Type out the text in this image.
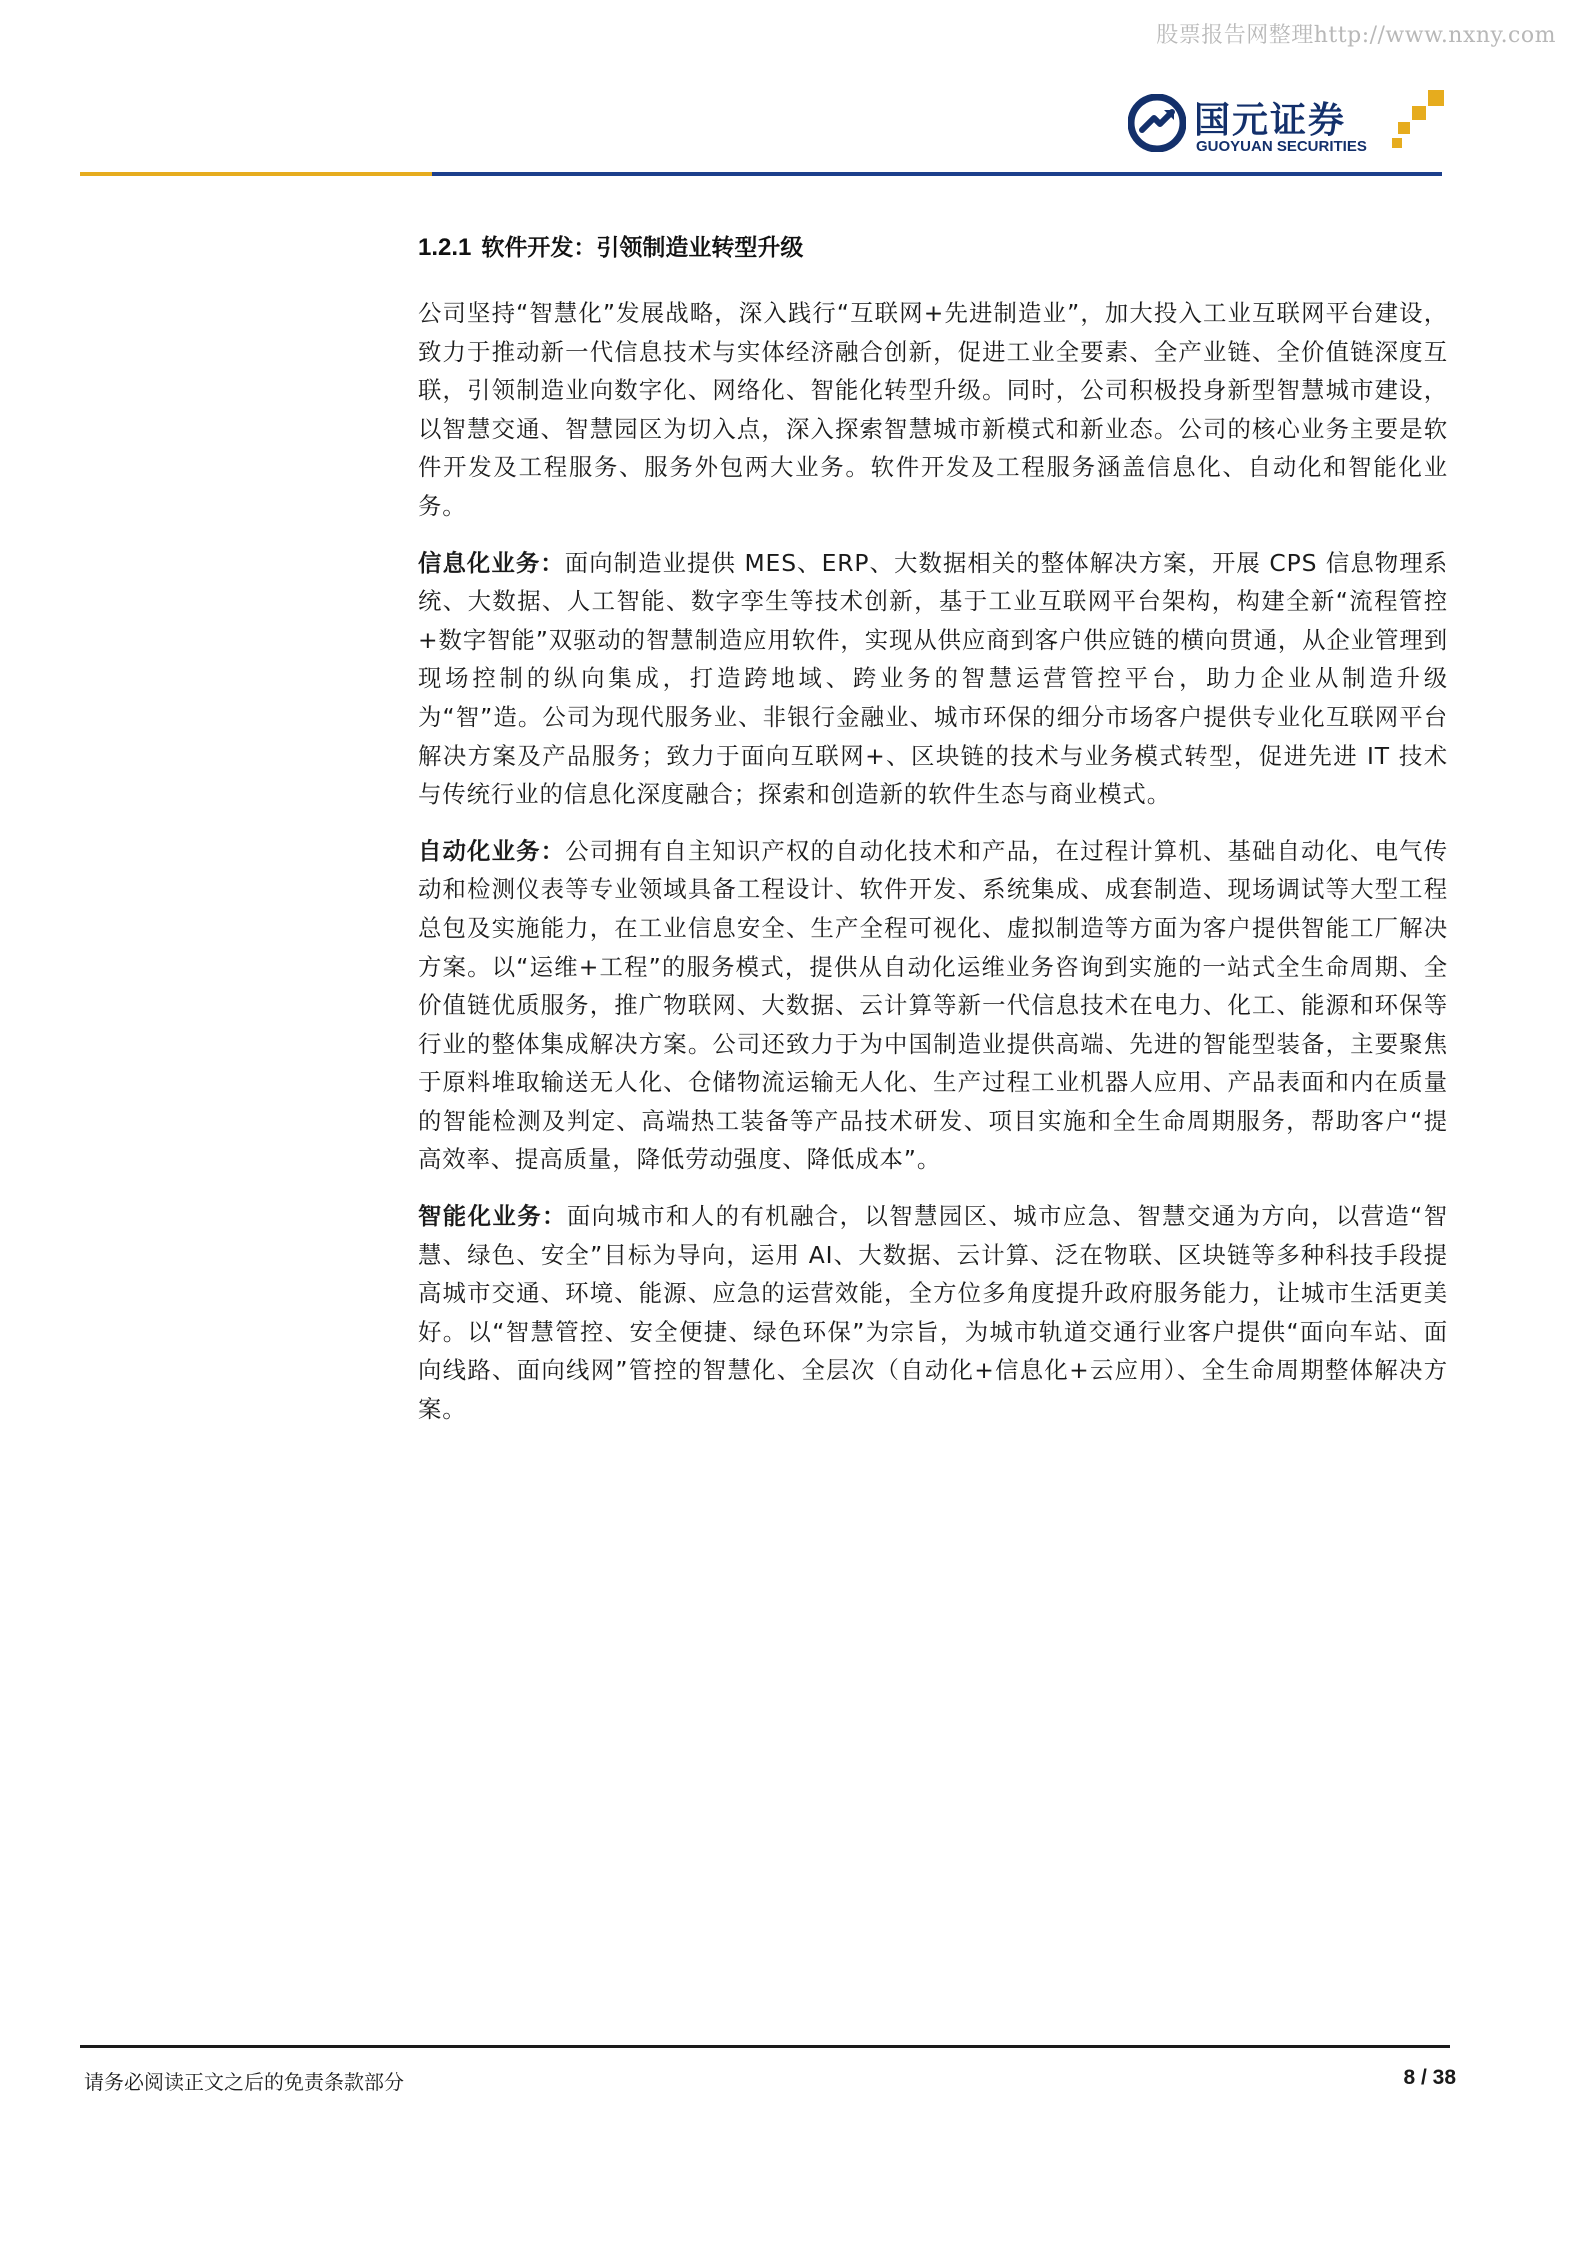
股票报告网整理http://www.nxny.com
国元证券
GUOYUAN SECURITIES
1.2.1 软件开发：引领制造业转型升级

公司坚持“智慧化”发展战略，深入践行“互联网+先进制造业”，加大投入工业互联网平台建设，致力于推动新一代信息技术与实体经济融合创新，促进工业全要素、全产业链、全价值链深度互联，引领制造业向数字化、网络化、智能化转型升级。同时，公司积极投身新型智慧城市建设，以智慧交通、智慧园区为切入点，深入探索智慧城市新模式和新业态。公司的核心业务主要是软件开发及工程服务、服务外包两大业务。软件开发及工程服务涵盖信息化、自动化和智能化业务。

信息化业务：面向制造业提供 MES、ERP、大数据相关的整体解决方案，开展 CPS 信息物理系统、大数据、人工智能、数字孪生等技术创新，基于工业互联网平台架构，构建全新“流程管控+数字智能”双驱动的智慧制造应用软件，实现从供应商到客户供应链的横向贯通，从企业管理到现场控制的纵向集成，打造跨地域、跨业务的智慧运营管控平台，助力企业从制造升级为“智”造。公司为现代服务业、非银行金融业、城市环保的细分市场客户提供专业化互联网平台解决方案及产品服务；致力于面向互联网+、区块链的技术与业务模式转型，促进先进 IT 技术与传统行业的信息化深度融合；探索和创造新的软件生态与商业模式。

自动化业务：公司拥有自主知识产权的自动化技术和产品，在过程计算机、基础自动化、电气传动和检测仪表等专业领域具备工程设计、软件开发、系统集成、成套制造、现场调试等大型工程总包及实施能力，在工业信息安全、生产全程可视化、虚拟制造等方面为客户提供智能工厂解决方案。以“运维+工程”的服务模式，提供从自动化运维业务咨询到实施的一站式全生命周期、全价值链优质服务，推广物联网、大数据、云计算等新一代信息技术在电力、化工、能源和环保等行业的整体集成解决方案。公司还致力于为中国制造业提供高端、先进的智能型装备，主要聚焦于原料堆取输送无人化、仓储物流运输无人化、生产过程工业机器人应用、产品表面和内在质量的智能检测及判定、高端热工装备等产品技术研发、项目实施和全生命周期服务，帮助客户“提高效率、提高质量，降低劳动强度、降低成本”。

智能化业务：面向城市和人的有机融合，以智慧园区、城市应急、智慧交通为方向，以营造“智慧、绿色、安全”目标为导向，运用 AI、大数据、云计算、泛在物联、区块链等多种科技手段提高城市交通、环境、能源、应急的运营效能，全方位多角度提升政府服务能力，让城市生活更美好。以“智慧管控、安全便捷、绿色环保”为宗旨，为城市轨道交通行业客户提供“面向车站、面向线路、面向线网”管控的智慧化、全层次（自动化+信息化+云应用）、全生命周期整体解决方案。

请务必阅读正文之后的免责条款部分	8 / 38
